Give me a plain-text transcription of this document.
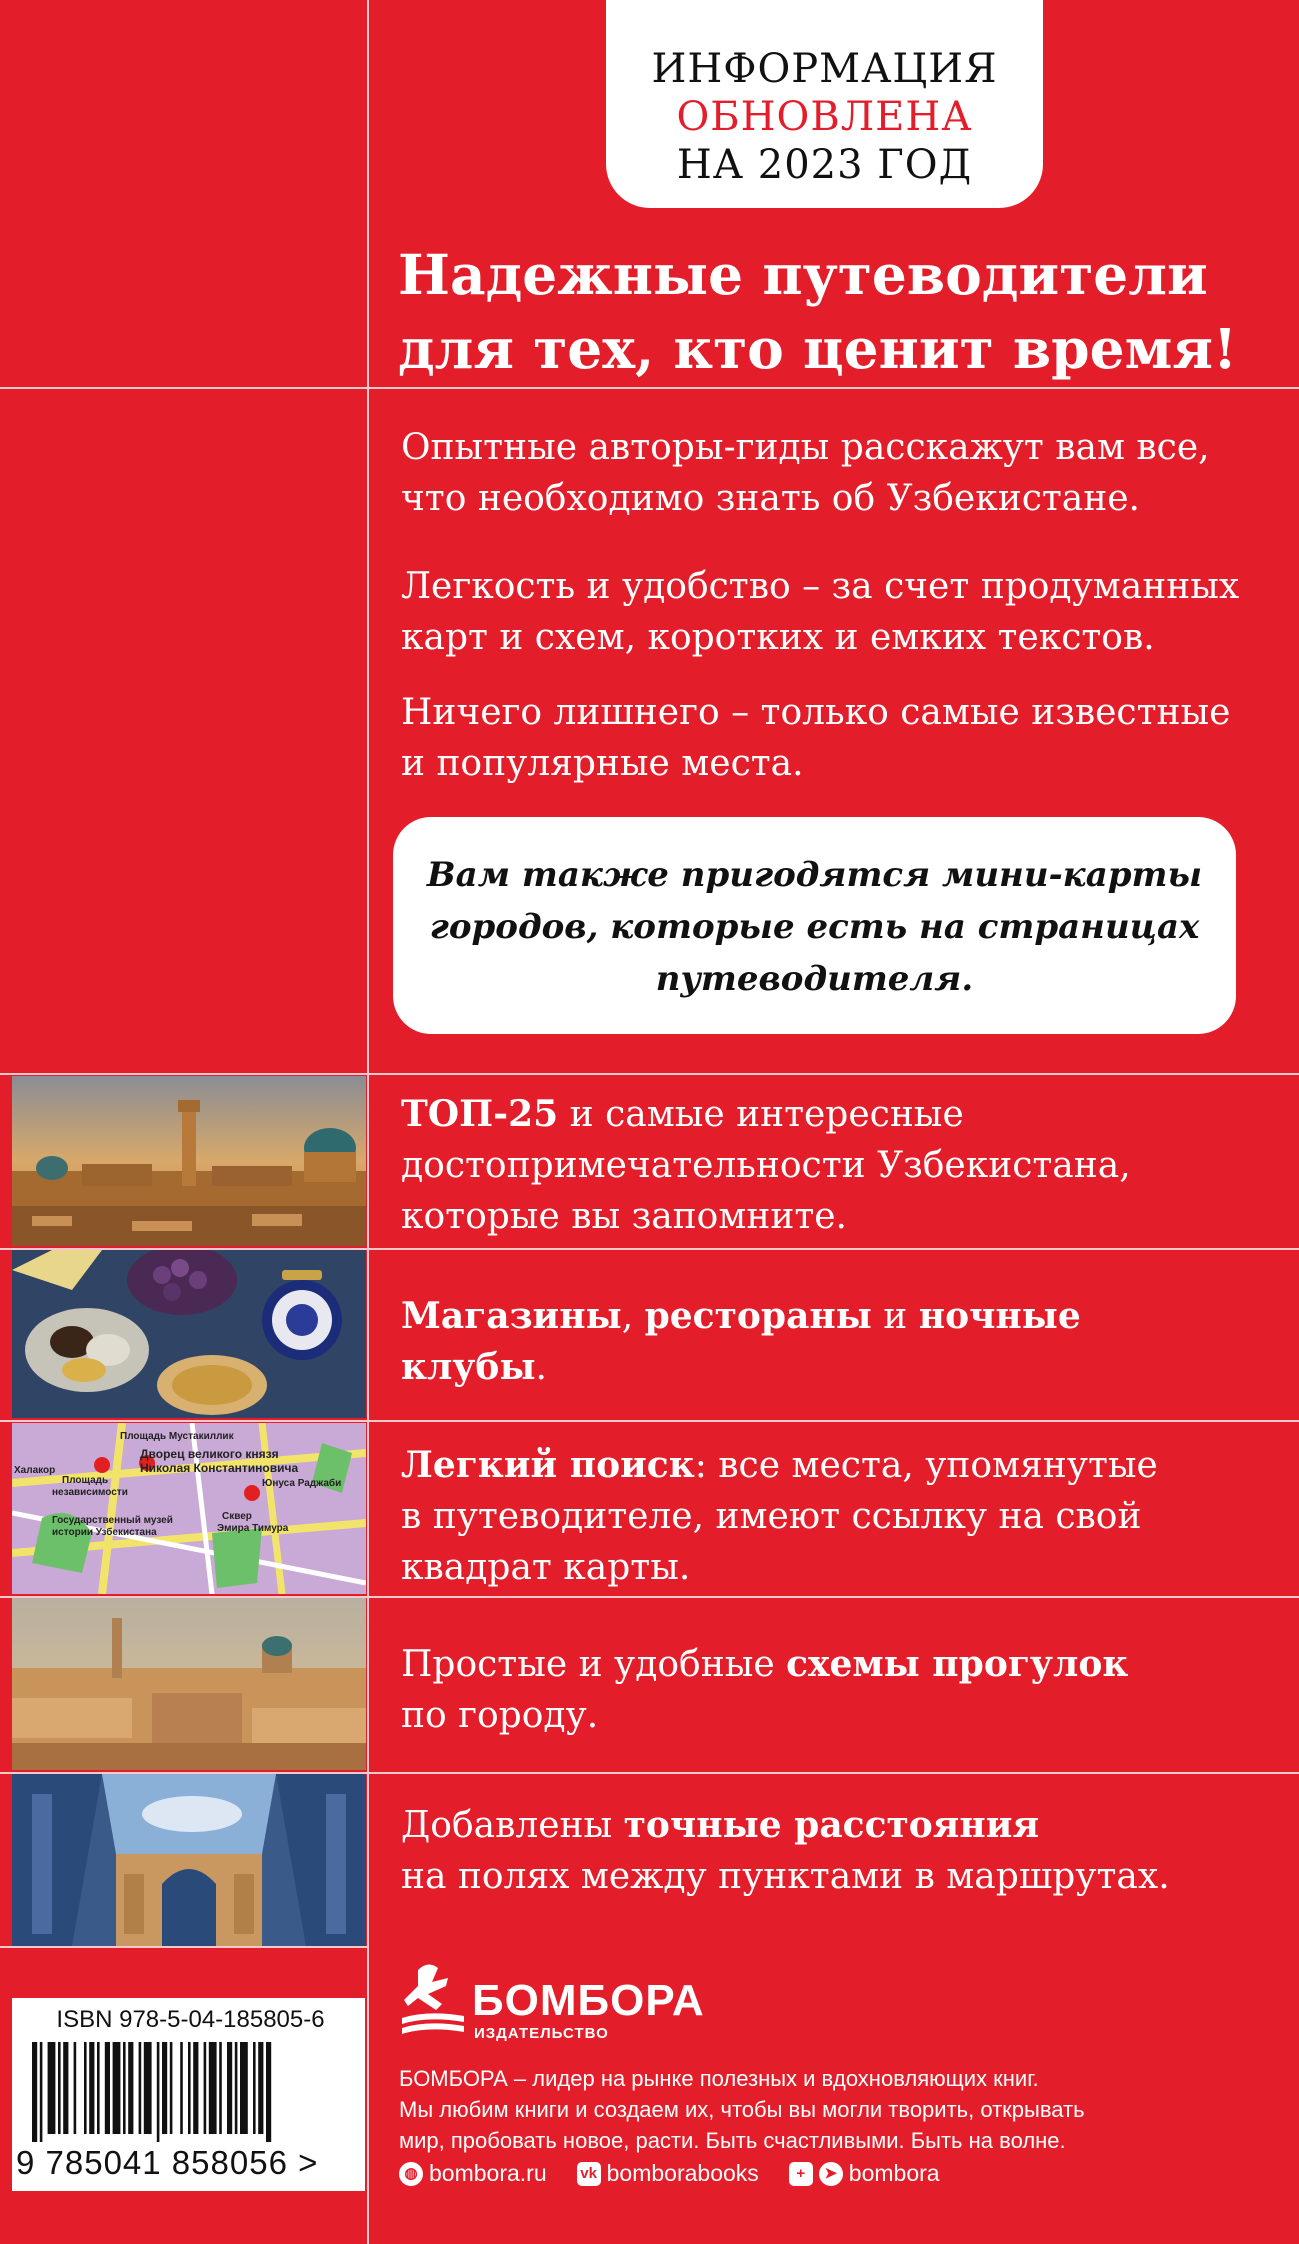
ИНФОРМАЦИЯ
ОБНОВЛЕНА
НА 2023 ГОД
Надежные путеводители
для тех, кто ценит время!
Опытные авторы-гиды расскажут вам все,
что необходимо знать об Узбекистане.
Легкость и удобство – за счет продуманных
карт и схем, коротких и емких текстов.
Ничего лишнего – только самые известные
и популярные места.
Вам также пригодятся мини-карты
городов, которые есть на страницах
путеводителя.
Площадь Мустакиллик
Дворец великого князя
Николая Константиновича
Площадь
независимости
Государственный музей
истории Узбекистана
Сквер
Эмира Тимура
Юнуса Раджаби
Халакор
ТОП-25 и самые интересные
достопримечательности Узбекистана,
которые вы запомните.
Магазины, рестораны и ночные
клубы.
Легкий поиск: все места, упомянутые
в путеводителе, имеют ссылку на свой
квадрат карты.
Простые и удобные схемы прогулок
по городу.
Добавлены точные расстояния
на полях между пунктами в маршрутах.
ISBN 978-5-04-185805-6
9 785041 858056 >
БОМБОРА
ИЗДАТЕЛЬСТВО
БОМБОРА – лидер на рынке полезных и вдохновляющих книг.
Мы любим книги и создаем их, чтобы вы могли творить, открывать
мир, пробовать новое, расти. Быть счастливыми. Быть на волне.
◍ bombora.ru vk bomborabooks	+	➤ bombora
